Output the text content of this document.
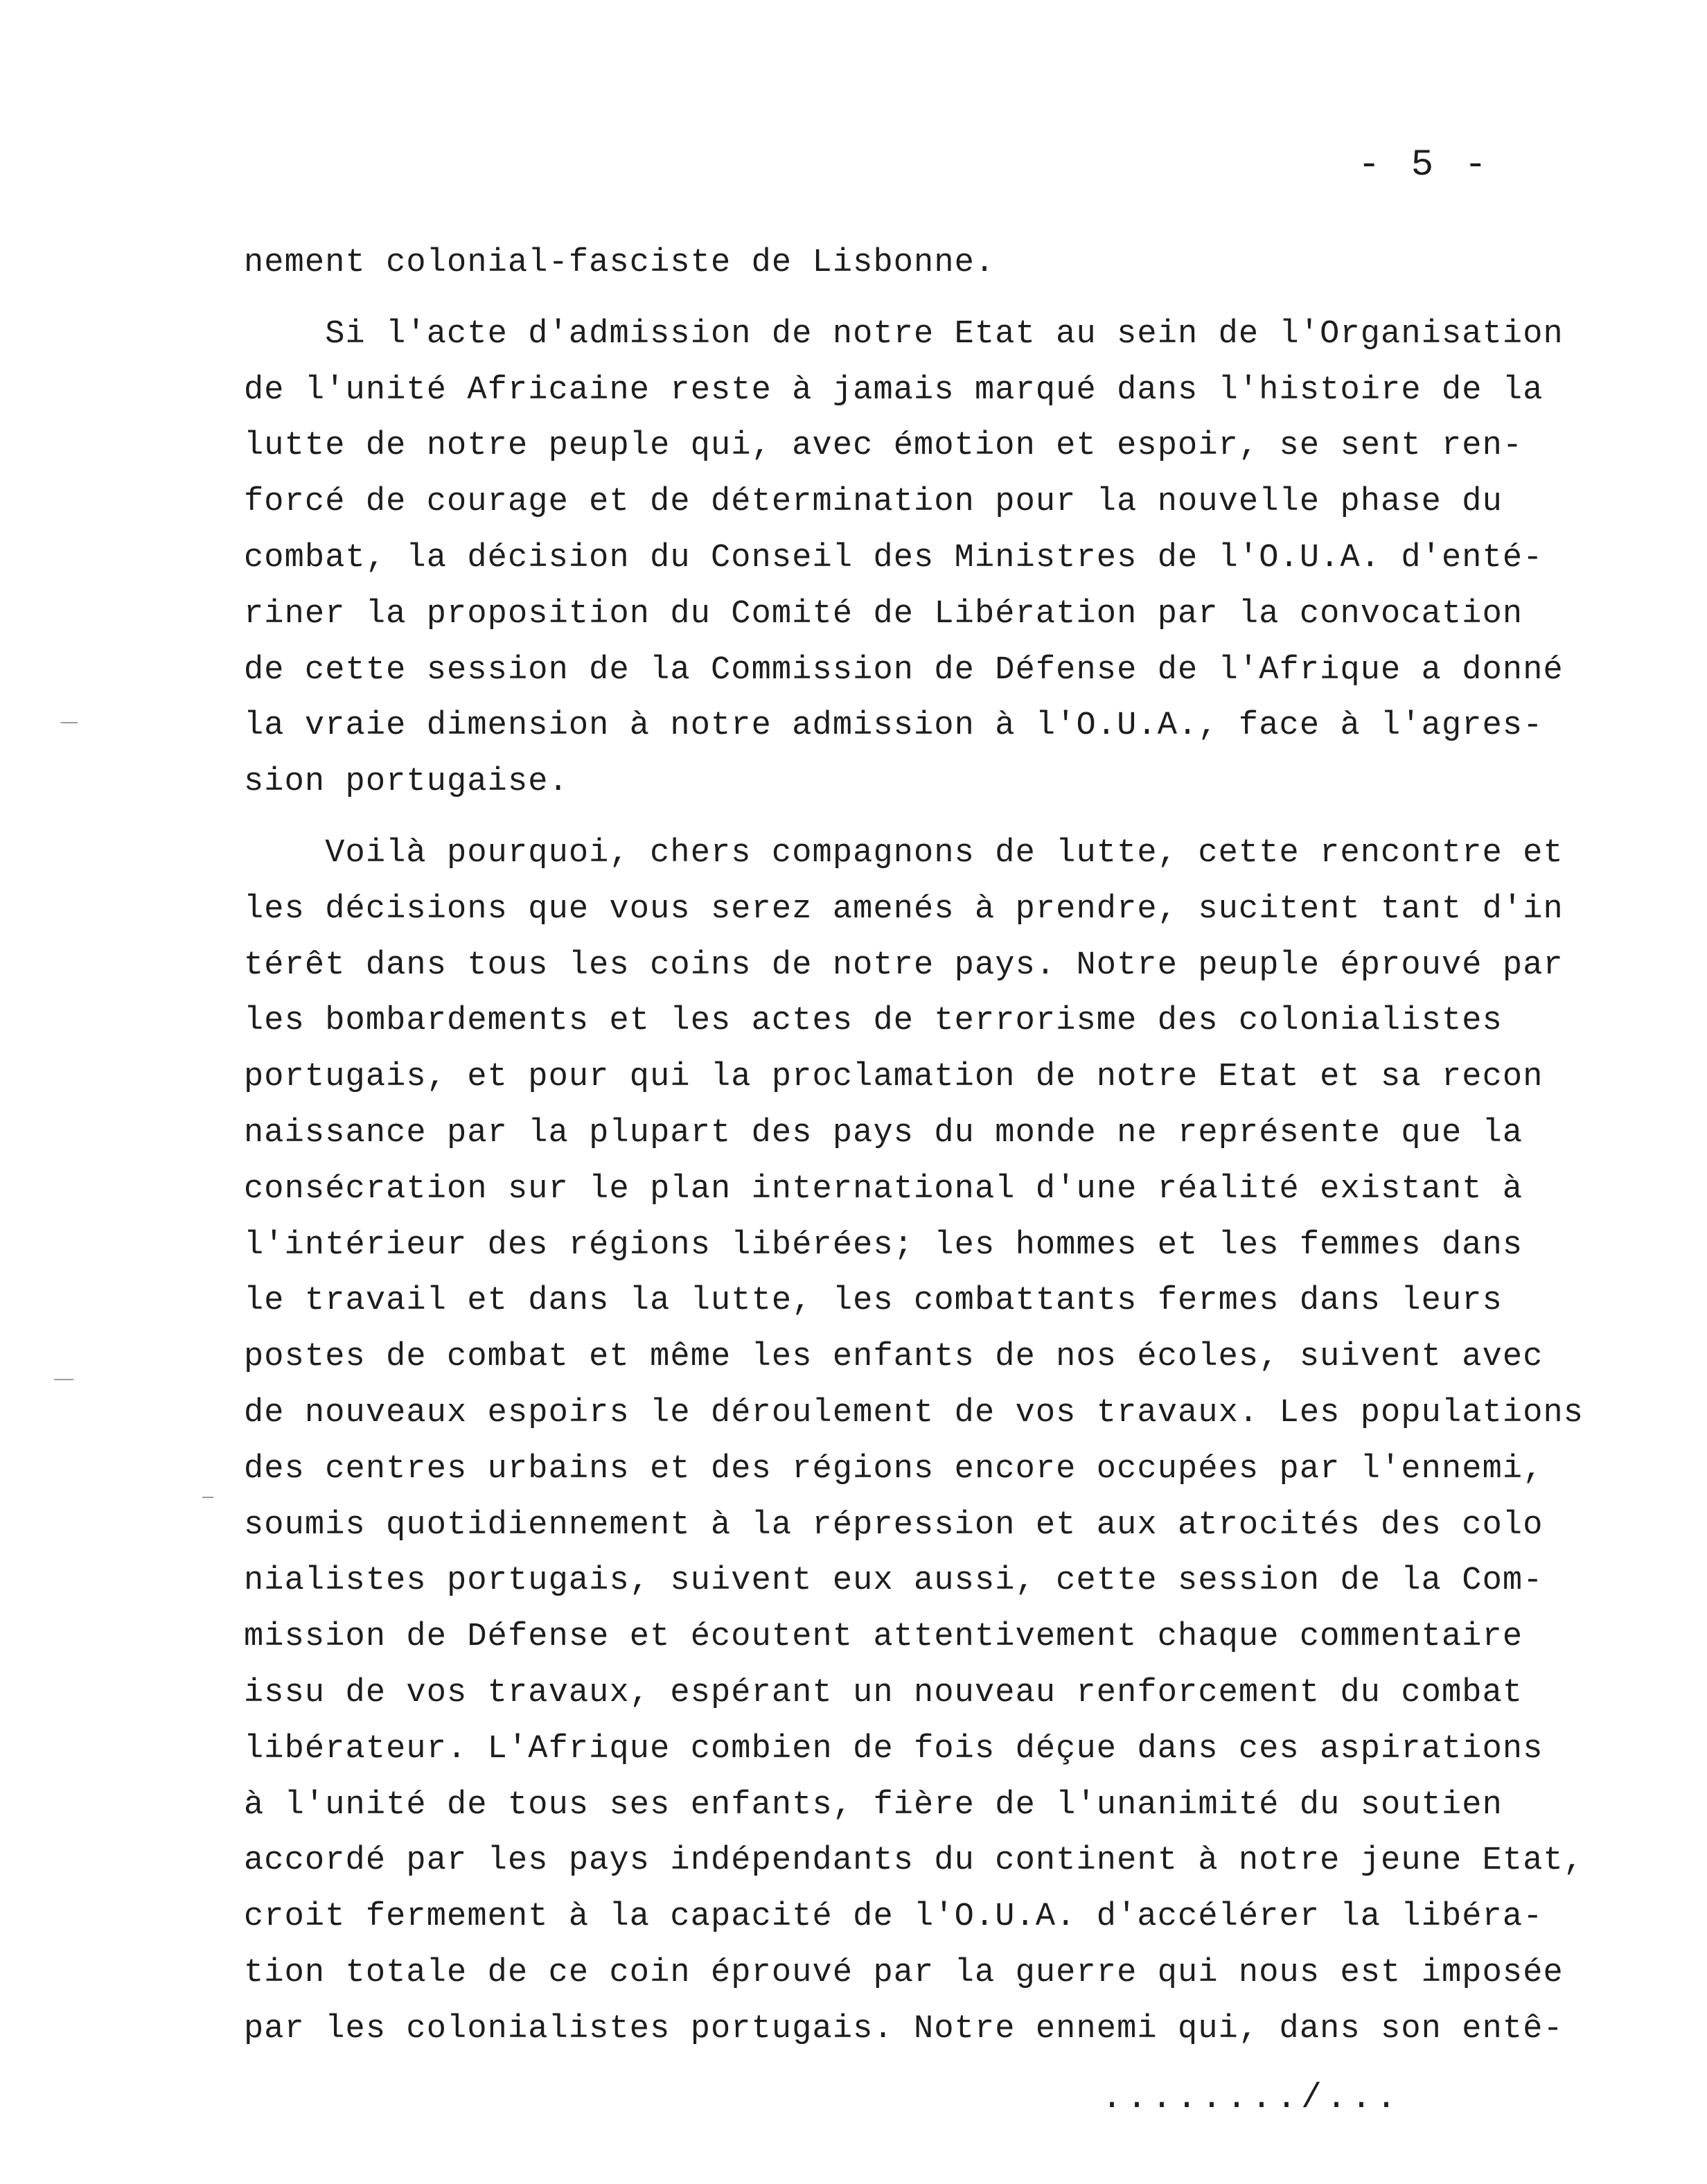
- 5 -
nement colonial-fasciste de Lisbonne.
Si l'acte d'admission de notre Etat au sein de l'Organisation
de l'unité Africaine reste à jamais marqué dans l'histoire de la
lutte de notre peuple qui, avec émotion et espoir, se sent ren-
forcé de courage et de détermination pour la nouvelle phase du
combat, la décision du Conseil des Ministres de l'O.U.A. d'enté-
riner la proposition du Comité de Libération par la convocation
de cette session de la Commission de Défense de l'Afrique a donné
la vraie dimension à notre admission à l'O.U.A., face à l'agres-
sion portugaise.
Voilà pourquoi, chers compagnons de lutte, cette rencontre et
les décisions que vous serez amenés à prendre, sucitent tant d'in
térêt dans tous les coins de notre pays. Notre peuple éprouvé par
les bombardements et les actes de terrorisme des colonialistes
portugais, et pour qui la proclamation de notre Etat et sa recon
naissance par la plupart des pays du monde ne représente que la
consécration sur le plan international d'une réalité existant à
l'intérieur des régions libérées; les hommes et les femmes dans
le travail et dans la lutte, les combattants fermes dans leurs
postes de combat et même les enfants de nos écoles, suivent avec
de nouveaux espoirs le déroulement de vos travaux. Les populations
des centres urbains et des régions encore occupées par l'ennemi,
soumis quotidiennement à la répression et aux atrocités des colo
nialistes portugais, suivent eux aussi, cette session de la Com-
mission de Défense et écoutent attentivement chaque commentaire
issu de vos travaux, espérant un nouveau renforcement du combat
libérateur. L'Afrique combien de fois déçue dans ces aspirations
à l'unité de tous ses enfants, fière de l'unanimité du soutien
accordé par les pays indépendants du continent à notre jeune Etat,
croit fermement à la capacité de l'O.U.A. d'accélérer la libéra-
tion totale de ce coin éprouvé par la guerre qui nous est imposée
par les colonialistes portugais. Notre ennemi qui, dans son entê-
......../...
